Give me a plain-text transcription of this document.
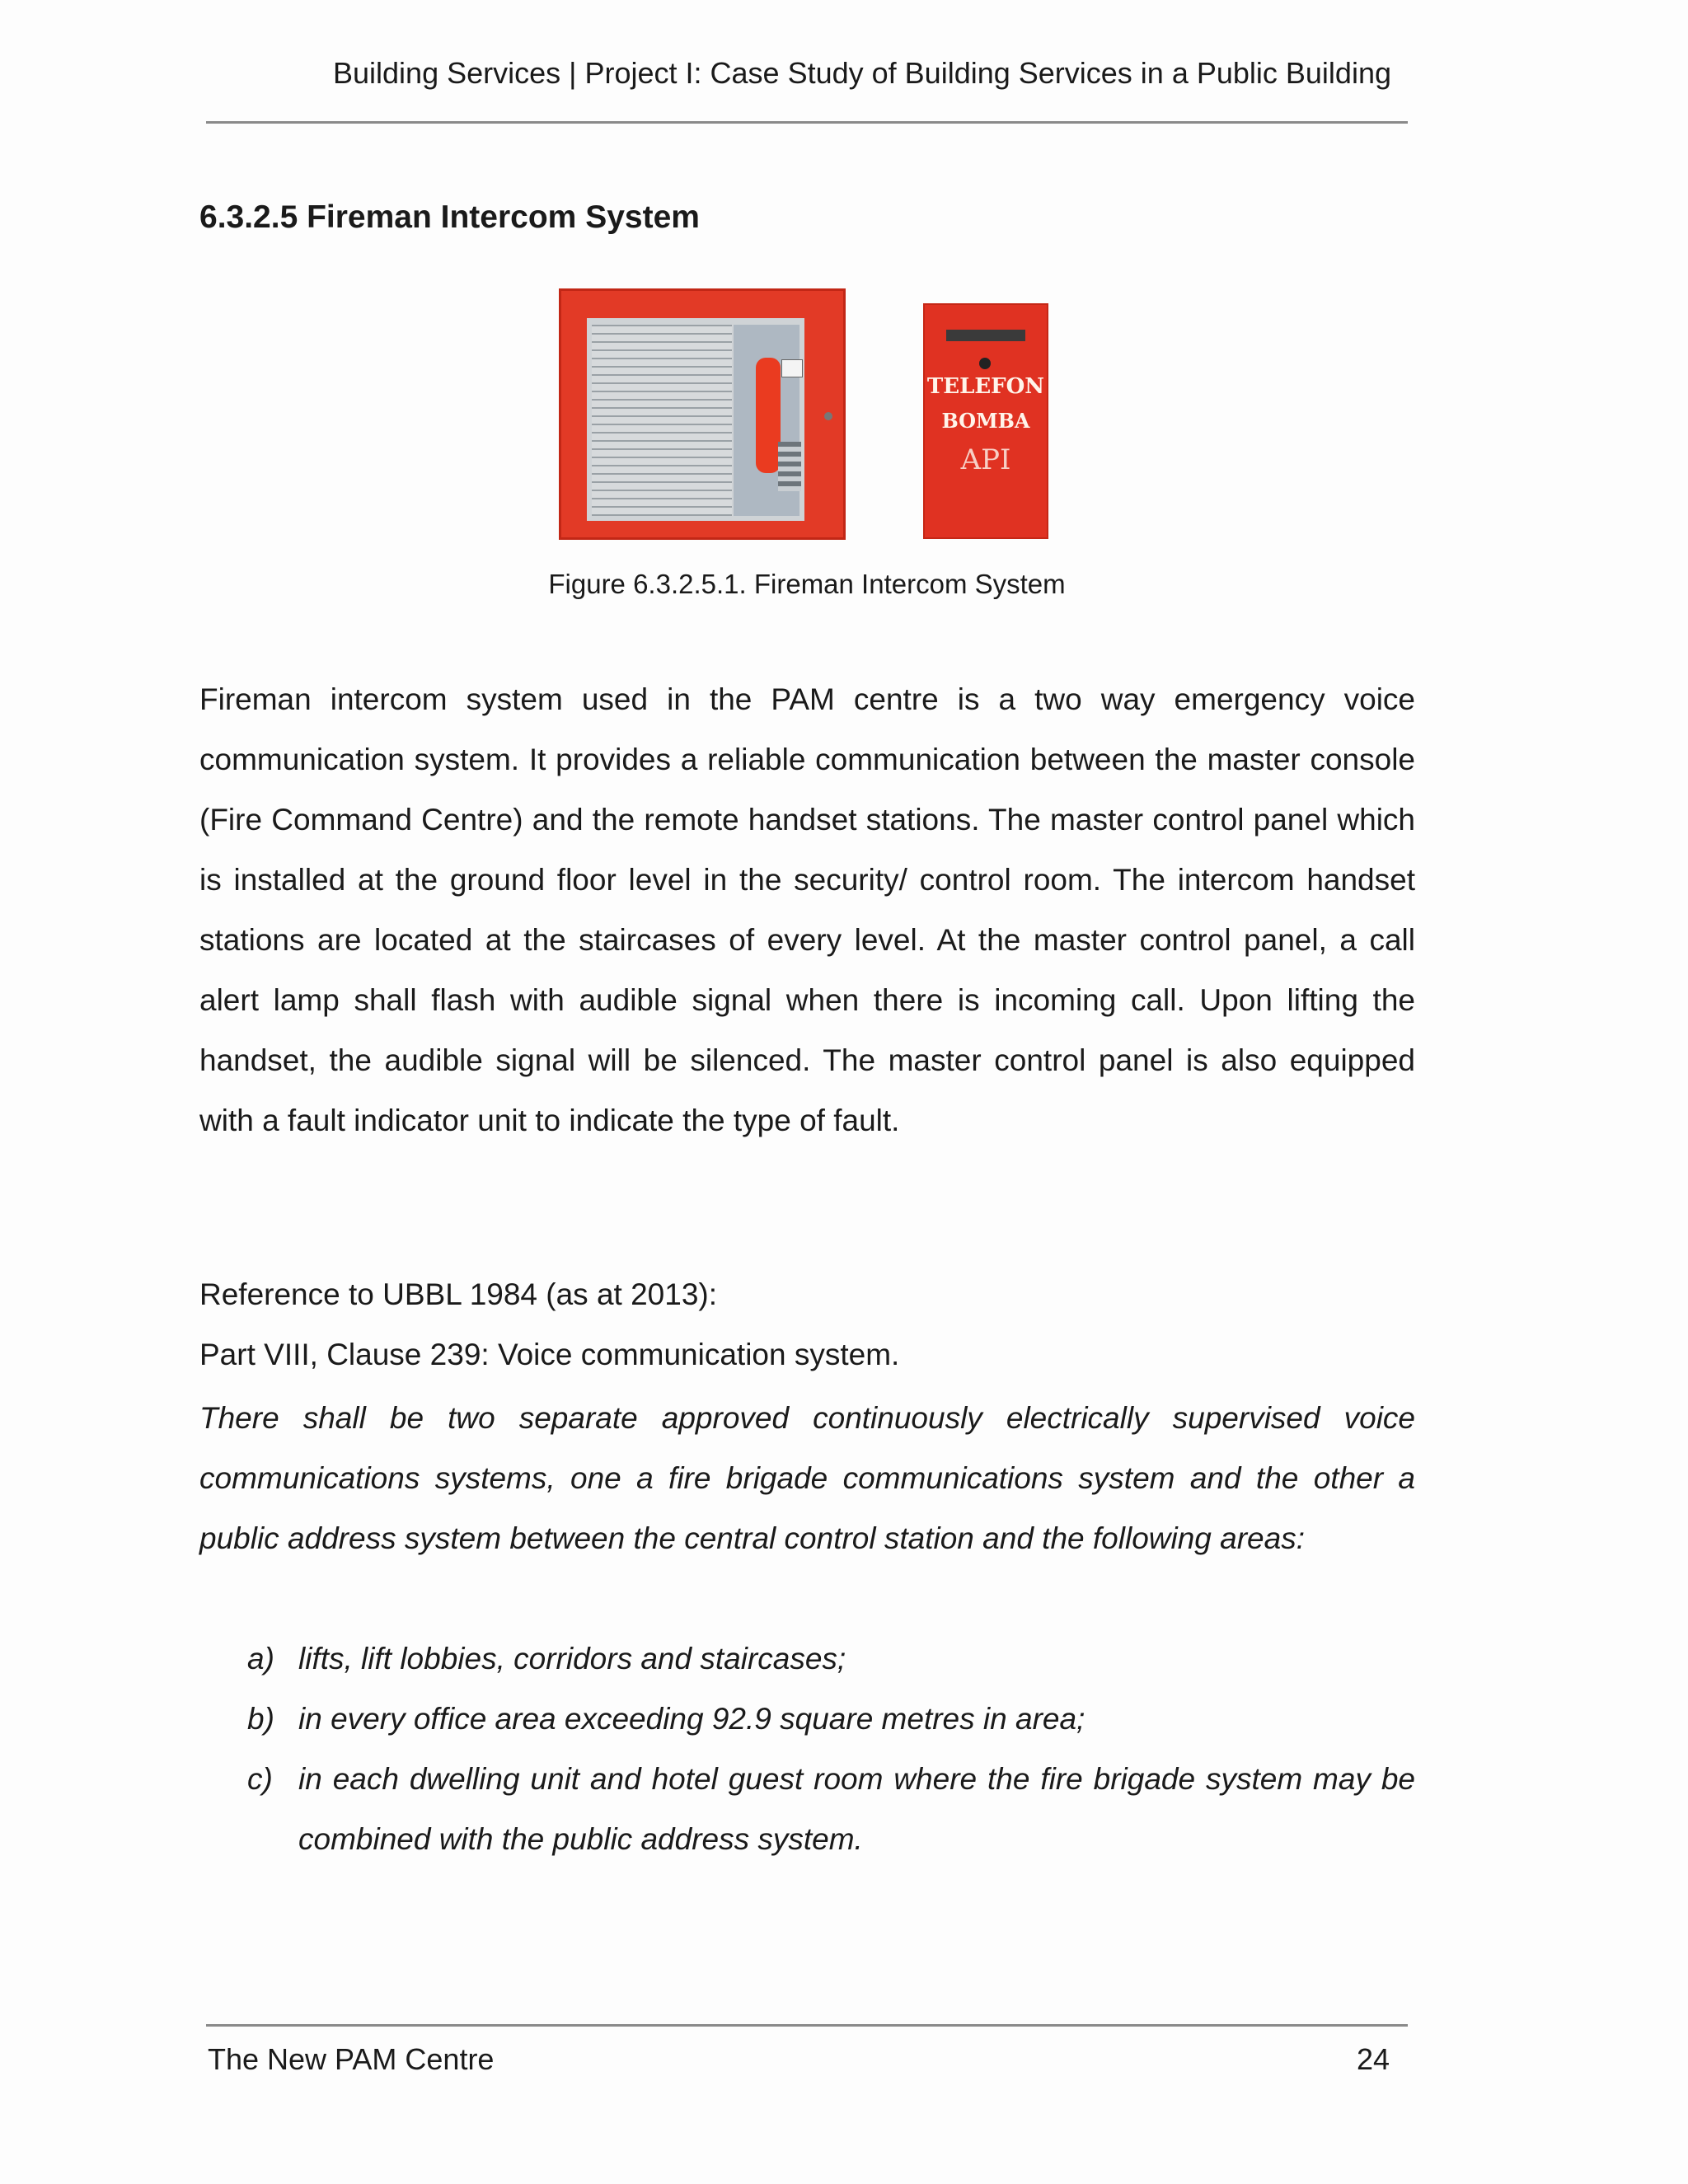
Building Services | Project I: Case Study of Building Services in a Public Building
6.3.2.5 Fireman Intercom System
TELEFON
BOMBA
API
Figure 6.3.2.5.1. Fireman Intercom System
Fireman intercom system used in the PAM centre is a two way emergency voice communication system. It provides a reliable communication between the master console (Fire Command Centre) and the remote handset stations. The master control panel which is installed at the ground floor level in the security/ control room. The intercom handset stations are located at the staircases of every level. At the master control panel, a call alert lamp shall flash with audible signal when there is incoming call. Upon lifting the handset, the audible signal will be silenced. The master control panel is also equipped with a fault indicator unit to indicate the type of fault.
Reference to UBBL 1984 (as at 2013):
Part VIII, Clause 239: Voice communication system.
There shall be two separate approved continuously electrically supervised voice communications systems, one a fire brigade communications system and the other a public address system between the central control station and the following areas:
a) lifts, lift lobbies, corridors and staircases;
b) in every office area exceeding 92.9 square metres in area;
c) in each dwelling unit and hotel guest room where the fire brigade system may be combined with the public address system.
The New PAM Centre	24
